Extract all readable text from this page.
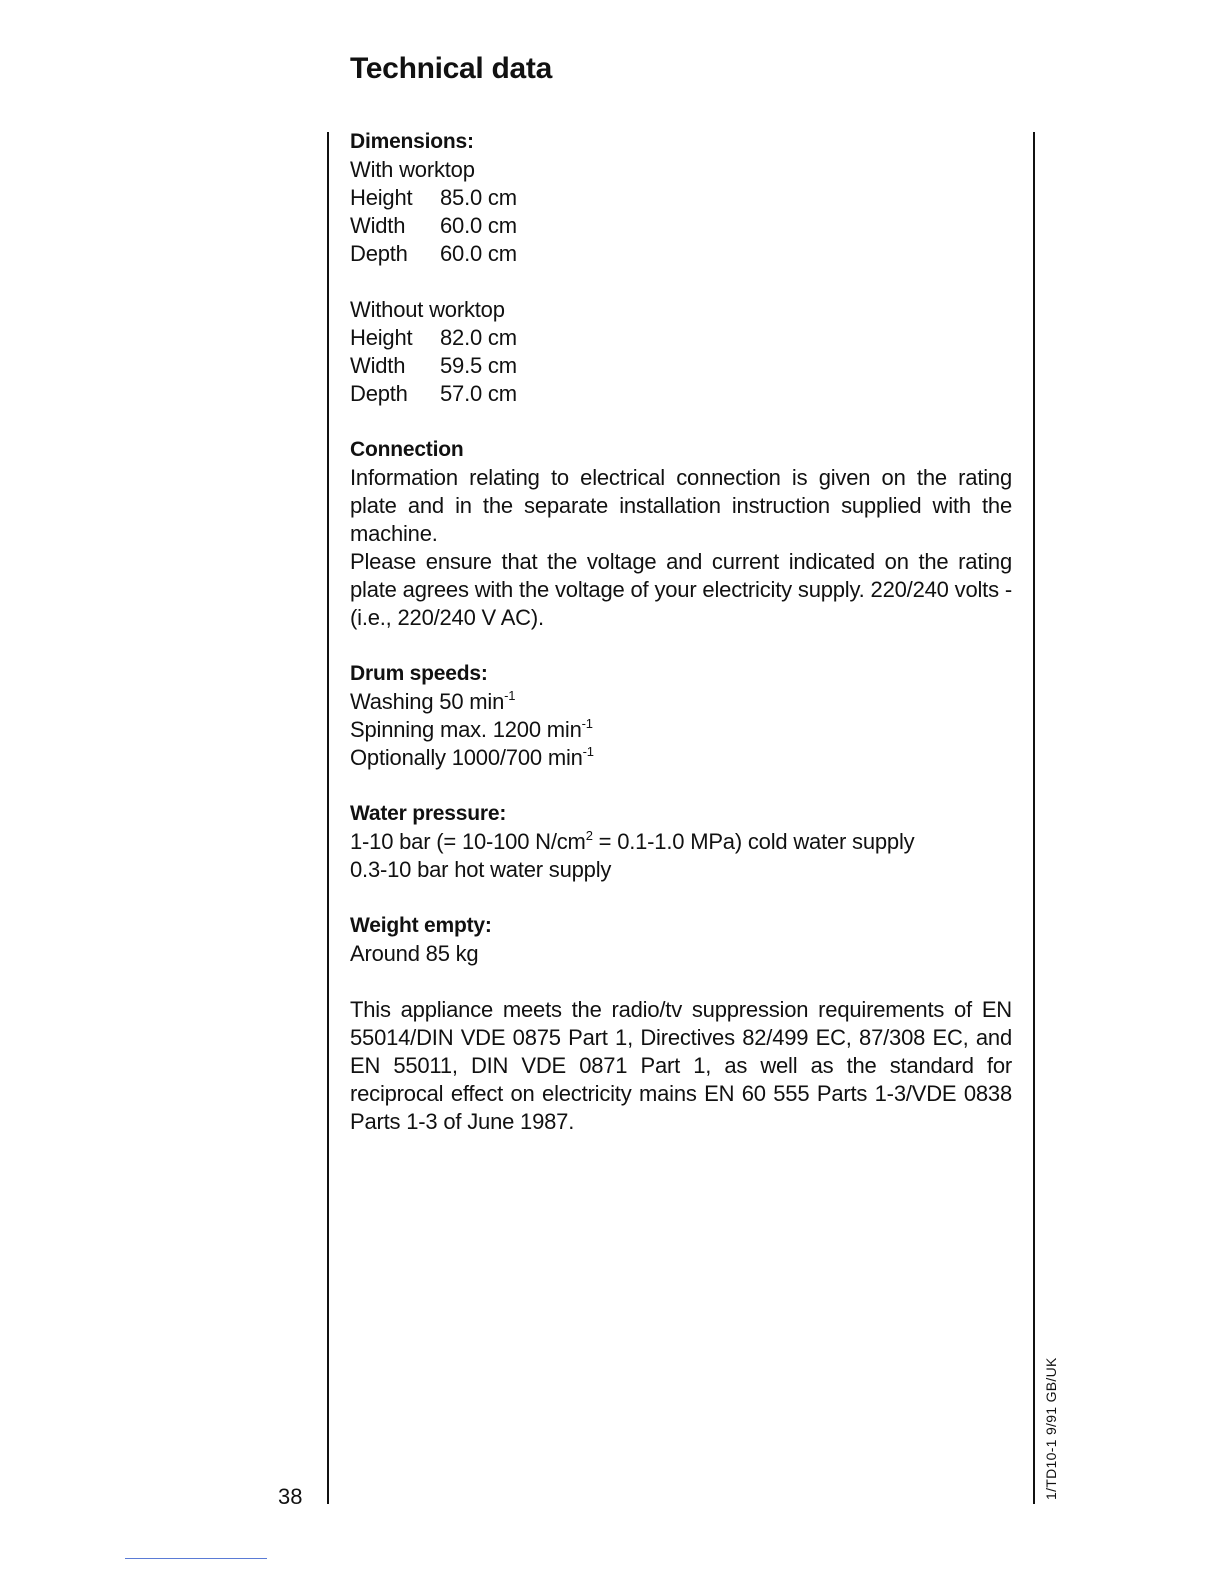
Technical data
Dimensions:
With worktop
Height	85.0 cm
Width	60.0 cm
Depth	60.0 cm
Without worktop
Height	82.0 cm
Width	59.5 cm
Depth	57.0 cm
Connection
Information relating to electrical connection is given on the rating plate and in the separate installation instruction supplied with the machine.
Please ensure that the voltage and current indicated on the rating plate agrees with the voltage of your electricity supply. 220/240 volts - (i.e., 220/240 V AC).
Drum speeds:
Washing 50 $\min^{-1}$
Spinning max. 1200 $\min^{-1}$
Optionally 1000/700 $\min^{-1}$
Water pressure:
1-10 bar (= 10-100 $N/cm^2 = 0.1-1.0$ MPa) cold water supply
0.3-10 bar hot water supply
Weight empty:
Around 85 kg
This appliance meets the radio/tv suppression requirements of EN 55014/DIN VDE 0875 Part 1, Directives 82/499 EC, 87/308 EC, and EN 55011, DIN VDE 0871 Part 1, as well as the standard for reciprocal effect on electricity mains EN 60 555 Parts 1-3/VDE 0838 Parts 1-3 of June 1987.
38	1/TD10-1 9/91 GB/UK
